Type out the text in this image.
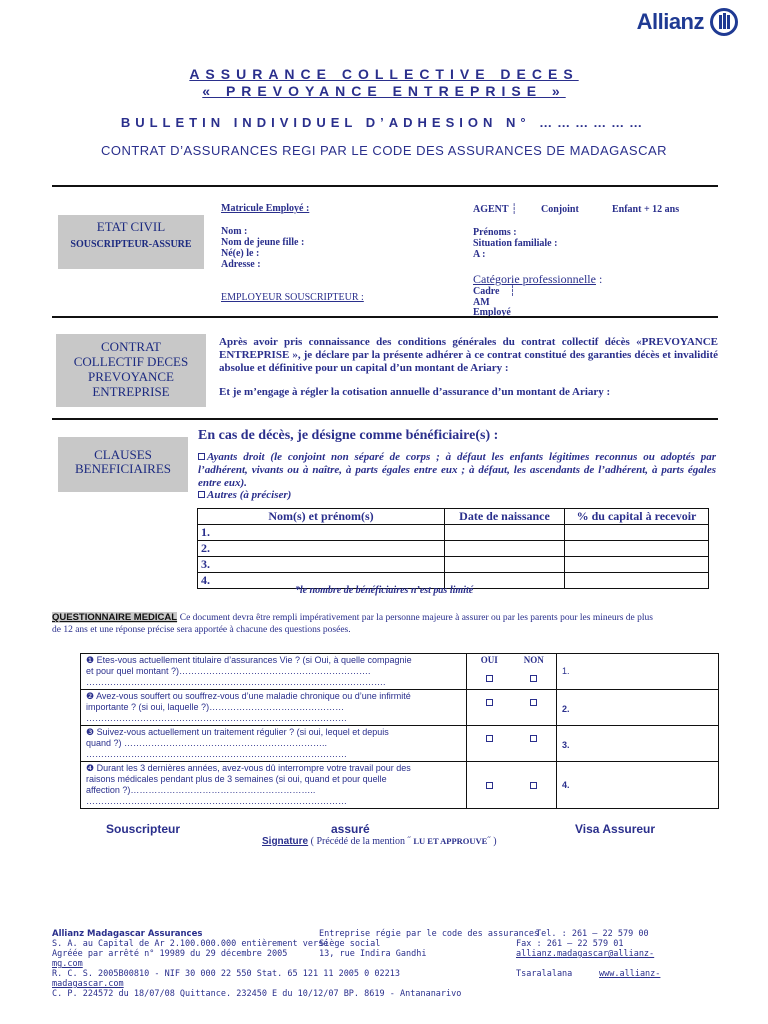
Allianz
ASSURANCE COLLECTIVE DECES
« PREVOYANCE ENTREPRISE »
BULLETIN INDIVIDUEL D’ADHESION N° ………………
CONTRAT D’ASSURANCES REGI PAR LE CODE DES ASSURANCES DE MADAGASCAR
ETAT CIVIL
SOUSCRIPTEUR-ASSURE
Matricule Employé :
Nom :
Nom de jeune fille :
Né(e) le :
Adresse :
EMPLOYEUR SOUSCRIPTEUR :
AGENT ┆ Conjoint	Enfant + 12 ans
Prénoms :
Situation familiale :
A :
Catégorie professionnelle :
Cadre    ┆
AM
Employé
CONTRAT
COLLECTIF DECES
PREVOYANCE
ENTREPRISE
Après avoir pris connaissance des conditions générales du contrat collectif décès «PREVOYANCE ENTREPRISE », je déclare par la présente adhérer à ce contrat constitué des garanties décès et invalidité absolue et définitive pour un capital d’un montant de Ariary :
Et je m’engage à régler la cotisation annuelle d’assurance d’un montant de Ariary :
CLAUSES
BENEFICIAIRES
En cas de décès, je désigne comme bénéficiaire(s) :
Ayants droit (le conjoint non séparé de corps ; à défaut les enfants légitimes reconnus ou adoptés par l’adhérent, vivants ou à naître, à parts égales entre eux ; à défaut, les ascendants de l’adhérent, à parts égales entre eux).
Autres (à préciser)
Nom(s) et prénom(s)	Date de naissance	% du capital à recevoir
1.		
2.		
3.		
4.		
*le nombre de bénéficiaires n’est pas limité
QUESTIONNAIRE MEDICAL Ce document devra être rempli impérativement par la personne majeure à assurer ou par les parents pour les mineurs de plus
de 12 ans et une réponse précise sera apportée à chacune des questions posées.
❶ Etes-vous actuellement titulaire d’assurances Vie ? (si Oui, à quelle compagnie
et pour quel montant ?)……………………………………………………….
……………………………………………………………………………………….	OUI	NON	1.

❷ Avez-vous souffert ou souffrez-vous d’une maladie chronique ou d’une infirmité
importante ? (si oui, laquelle ?)………………………………………
……………………………………………………………………………			2.

❸ Suivez-vous actuellement un traitement régulier ? (si oui, lequel et depuis
quand ?) …………………………………………………………..
……………………………………………………………………………			3.

❹ Durant les 3 dernières années, avez-vous dû interrompre votre travail pour des
raisons médicales pendant plus de 3 semaines (si oui, quand et pour quelle
affection ?)……………………………………………………..
……………………………………………………………………………			4.
Souscripteur	assuré	Visa Assureur
Signature ( Précédé de la mention ˝ LU ET APPROUVE˝ )
Allianz Madagascar Assurances
S. A. au Capital de Ar 2.100.000.000 entièrement versé
Agréée par arrêté n° 19989 du 29 décembre 2005
Entreprise régie par le code des assurances
Siège social
13, rue Indira Gandhi
Tel. : 261 – 22 579 00
Fax : 261 – 22 579 01
allianz.madagascar@allianz-
mg.com
R. C. S. 2005B00810 - NIF 30 000 22 550 Stat. 65 121 11 2005 0 02213	Tsaralalana	www.allianz-
madagascar.com
C. P. 224572 du 18/07/08 Quittance. 232450 E du 10/12/07 BP. 8619 - Antananarivo
